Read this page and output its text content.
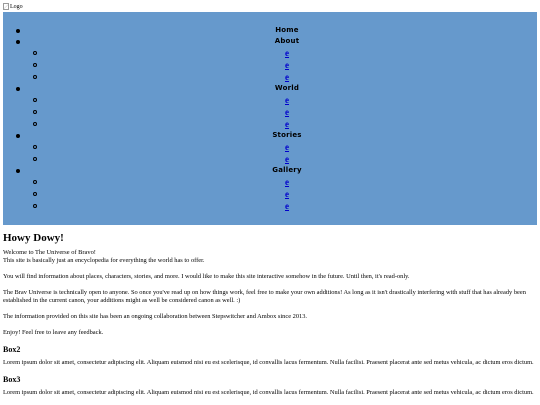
Logo
Home
About
e
e
e
World
e
e
e
Stories
e
e
Gallery
e
e
e
Howy Dowy!

Welcome to The Universe of Bravo!
This site is basically just an encyclopedia for everything the world has to offer.

You will find information about places, characters, stories, and more. I would like to make this site interactive somehow in the future. Until then, it's read-only.

The Brav Universe is technically open to anyone. So once you've read up on how things work, feel free to make your own additions! As long as it isn't drastically interfering with stuff that has already been established in the current canon, your additions might as well be considered canon as well. :)

The information provided on this site has been an ongoing collaboration between Stepswitcher and Ambox since 2013.

Enjoy! Feel free to leave any feedback.

Box2

Lorem ipsum dolor sit amet, consectetur adipiscing elit. Aliquam euismod nisi eu est scelerisque, id convallis lacus fermentum. Nulla facilisi. Praesent placerat ante sed metus vehicula, ac dictum eros dictum.

Box3

Lorem ipsum dolor sit amet, consectetur adipiscing elit. Aliquam euismod nisi eu est scelerisque, id convallis lacus fermentum. Nulla facilisi. Praesent placerat ante sed metus vehicula, ac dictum eros dictum.
